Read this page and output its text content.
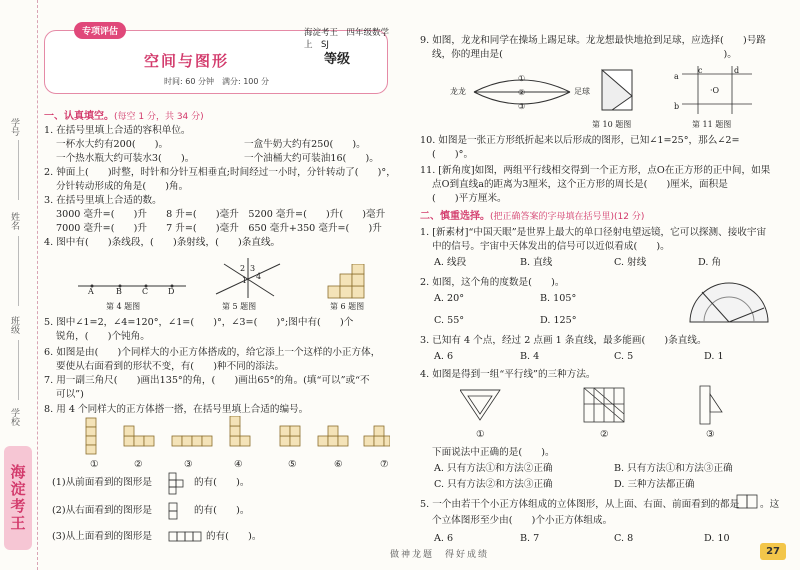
学号
姓名
班级
学校
海淀考王
专项评估	海淀考王　四年级数学　上　SJ
空间与图形	等级
时间: 60 分钟　满分: 100 分
一、认真填空。(每空 1 分，共 34 分)
1. 在括号里填上合适的容积单位。
一杯水大约有200(　　)。	一盒牛奶大约有250(　　)。
一个热水瓶大约可装水3(　　)。	一个油桶大约可装油16(　　)。
2. 钟面上(　　)时整，时针和分针互相垂直;时间经过一小时，分针转动了(　　)°，
分针转动形成的角是(　　)角。
3. 在括号里填上合适的数。
3000 毫升=(　　)升　　8 升=(　　)毫升　5200 毫升=(　　)升(　　)毫升
7000 毫升=(　　)升　　7 升=(　　)毫升　650 毫升+350 毫升=(　　)升
4. 图中有(　　)条线段，(　　)条射线，(　　)条直线。
A	B	C D
第 4 题图
2 3
4
1
第 5 题图	第 6 题图
5. 图中∠1=2，∠4=120°，∠1=(　　)°，∠3=(　　)°;图中有(　　)个
锐角，(　　)个钝角。
6. 如图是由(　　)个同样大的小正方体搭成的，给它添上一个这样的小正方体，
要使从右面看到的形状不变，有(　　)种不同的添法。
7. 用一副三角尺(　　)画出135°的角，(　　)画出65°的角。(填“可以”或“不
可以”)
8. 用 4 个同样大的正方体搭一搭，在括号里填上合适的编号。
①	②	③	④	⑤	⑥	⑦
(1)从前面看到的图形是	的有(　　)。
(2)从右面看到的图形是	的有(　　)。
(3)从上面看到的图形是	的有(　　)。
9. 如图，龙龙和同学在操场上踢足球。龙龙想最快地抢到足球，应选择(　　)号路
线，你的理由是(　　　　　　　　　　　　　　　　　　　　　　　)。
龙龙	足球
①
②
③
第 10 题图
a
c	d
b
·O
第 11 题图
10. 如图是一张正方形纸折起来以后形成的图形，已知∠1=25°，那么∠2=
(　　)°。
11. [新角度]如图，两组平行线相交得到一个正方形，点O在正方形的正中间，如果
点O到直线a的距离为3厘米，这个正方形的周长是(　　)厘米，面积是
(　　)平方厘米。
二、慎重选择。(把正确答案的字母填在括号里)(12 分)
1. [新素材]“中国天眼”是世界上最大的单口径射电望远镜，它可以探测、接收宇宙
中的信号。宇宙中天体发出的信号可以近似看成(　　)。
A. 线段	B. 直线	C. 射线	D. 角
2. 如图，这个角的度数是(　　)。
A. 20°	B. 105°
C. 55°	D. 125°
3. 已知有 4 个点，经过 2 点画 1 条直线，最多能画(　　)条直线。
A. 6	B. 4	C. 5	D. 1
4. 如图是得到一组“平行线”的三种方法。
①	②	③
下面说法中正确的是(　　)。
A. 只有方法①和方法②正确	B. 只有方法①和方法③正确
C. 只有方法②和方法③正确	D. 三种方法都正确
5. 一个由若干个小正方体组成的立体图形，从上面、右面、前面看到的都是 。这
个立体图形至少由(　　)个小正方体组成。
A. 6	B. 7	C. 8	D. 10
做神龙题　得好成绩	27
